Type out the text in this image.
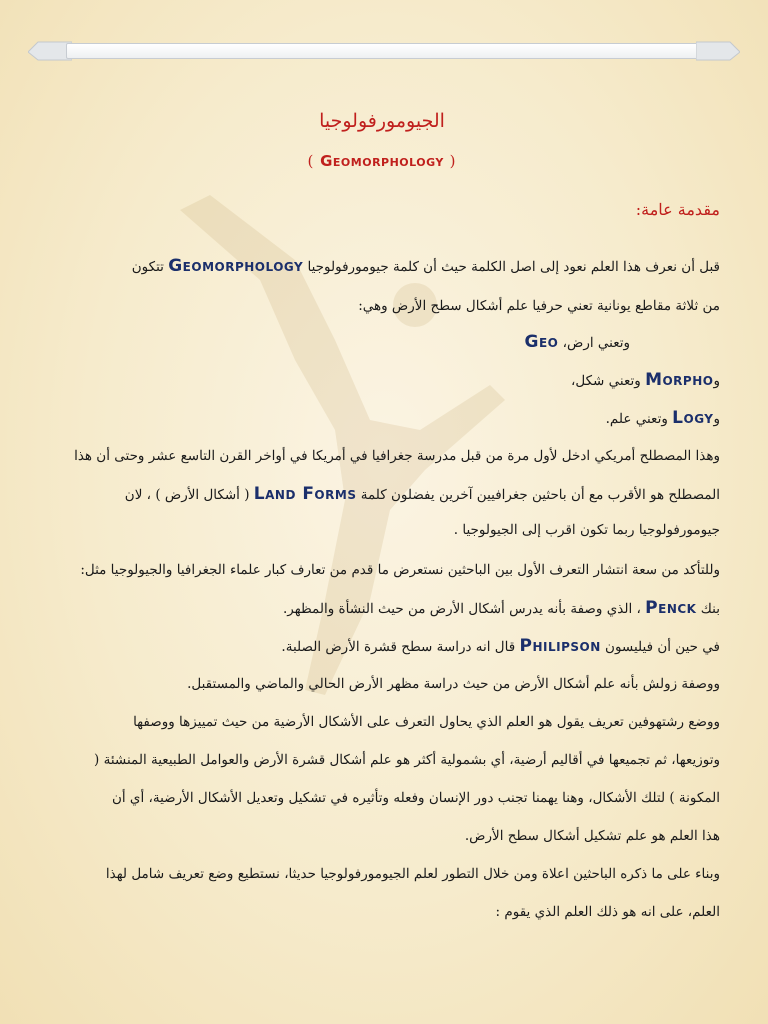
الجيومورفولوجيا
( Geomorphology )
مقدمة عامة:
قبل أن نعرف هذا العلم نعود إلى اصل الكلمة حيث أن كلمة جيومورفولوجيا Geomorphology تتكون
من ثلاثة مقاطع يونانية تعني حرفيا علم أشكال سطح الأرض وهي:
وتعني ارض، Geo
وMorpho وتعني شكل،
وLogy وتعني علم.
وهذا المصطلح أمريكي ادخل لأول مرة من قبل مدرسة جغرافيا في أمريكا في أواخر القرن التاسع عشر وحتى أن هذا
المصطلح هو الأقرب مع أن باحثين جغرافيين آخرين يفضلون كلمة Land Forms ( أشكال الأرض ) ، لان
جيومورفولوجيا ربما تكون اقرب إلى الجيولوجيا .
وللتأكد من سعة انتشار التعرف الأول بين الباحثين نستعرض ما قدم من تعارف كبار علماء الجغرافيا والجيولوجيا مثل:
بنك Penck ، الذي وصفة بأنه يدرس أشكال الأرض من حيث النشأة والمظهر.
في حين أن فيليسون Philipson قال انه دراسة سطح قشرة الأرض الصلبة.
ووصفة زولش بأنه علم أشكال الأرض من حيث دراسة مظهر الأرض الحالي والماضي والمستقبل.
ووضع رشتهوفين تعريف يقول هو العلم الذي يحاول التعرف على الأشكال الأرضية من حيث تمييزها ووصفها
وتوزيعها، ثم تجميعها في أقاليم أرضية، أي بشمولية أكثر هو علم أشكال قشرة الأرض والعوامل الطبيعية المنشئة (
المكونة ) لتلك الأشكال، وهنا يهمنا تجنب دور الإنسان وفعله وتأثيره في تشكيل وتعديل الأشكال الأرضية، أي أن
هذا العلم هو علم تشكيل أشكال سطح الأرض.
وبناء على ما ذكره الباحثين اعلاة ومن خلال التطور لعلم الجيومورفولوجيا حديثا، نستطيع وضع تعريف شامل لهذا
العلم، على انه هو ذلك العلم الذي يقوم :
